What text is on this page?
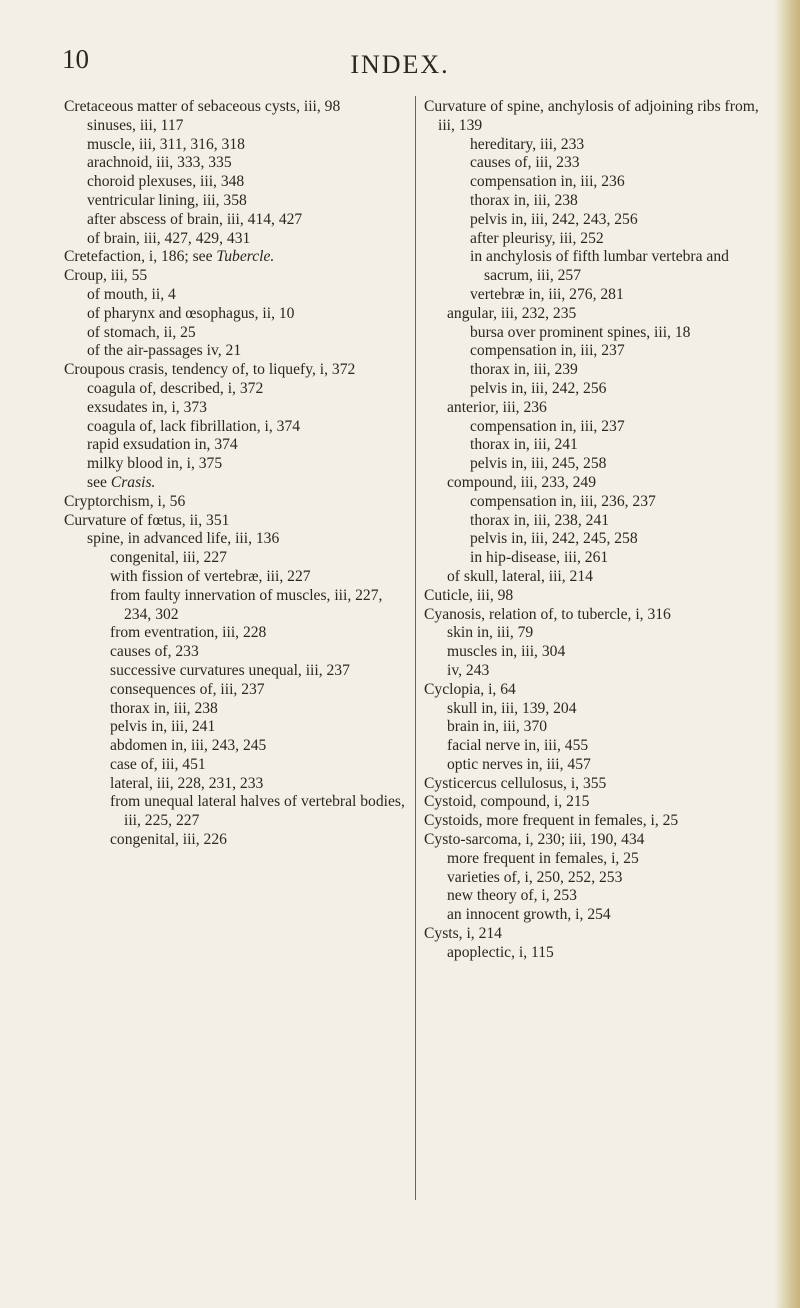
10	INDEX.
Cretaceous matter of sebaceous cysts, iii, 98
sinuses, iii, 117
muscle, iii, 311, 316, 318
arachnoid, iii, 333, 335
choroid plexuses, iii, 348
ventricular lining, iii, 358
after abscess of brain, iii, 414, 427
of brain, iii, 427, 429, 431
Cretefaction, i, 186; see Tubercle.
Croup, iii, 55
of mouth, ii, 4
of pharynx and œsophagus, ii, 10
of stomach, ii, 25
of the air-passages iv, 21
Croupous crasis, tendency of, to liquefy, i, 372
coagula of, described, i, 372
exsudates in, i, 373
coagula of, lack fibrillation, i, 374
rapid exsudation in, 374
milky blood in, i, 375
see Crasis.
Cryptorchism, i, 56
Curvature of fœtus, ii, 351
spine, in advanced life, iii, 136
congenital, iii, 227
with fission of vertebræ, iii, 227
from faulty innervation of muscles, iii, 227, 234, 302
from eventration, iii, 228
causes of, 233
successive curvatures unequal, iii, 237
consequences of, iii, 237
thorax in, iii, 238
pelvis in, iii, 241
abdomen in, iii, 243, 245
case of, iii, 451
lateral, iii, 228, 231, 233
from unequal lateral halves of vertebral bodies, iii, 225, 227
congenital, iii, 226
Curvature of spine, anchylosis of adjoining ribs from, iii, 139
hereditary, iii, 233
causes of, iii, 233
compensation in, iii, 236
thorax in, iii, 238
pelvis in, iii, 242, 243, 256
after pleurisy, iii, 252
in anchylosis of fifth lumbar vertebra and sacrum, iii, 257
vertebræ in, iii, 276, 281
angular, iii, 232, 235
bursa over prominent spines, iii, 18
compensation in, iii, 237
thorax in, iii, 239
pelvis in, iii, 242, 256
anterior, iii, 236
compensation in, iii, 237
thorax in, iii, 241
pelvis in, iii, 245, 258
compound, iii, 233, 249
compensation in, iii, 236, 237
thorax in, iii, 238, 241
pelvis in, iii, 242, 245, 258
in hip-disease, iii, 261
of skull, lateral, iii, 214
Cuticle, iii, 98
Cyanosis, relation of, to tubercle, i, 316
skin in, iii, 79
muscles in, iii, 304
iv, 243
Cyclopia, i, 64
skull in, iii, 139, 204
brain in, iii, 370
facial nerve in, iii, 455
optic nerves in, iii, 457
Cysticercus cellulosus, i, 355
Cystoid, compound, i, 215
Cystoids, more frequent in females, i, 25
Cysto-sarcoma, i, 230; iii, 190, 434
more frequent in females, i, 25
varieties of, i, 250, 252, 253
new theory of, i, 253
an innocent growth, i, 254
Cysts, i, 214
apoplectic, i, 115
